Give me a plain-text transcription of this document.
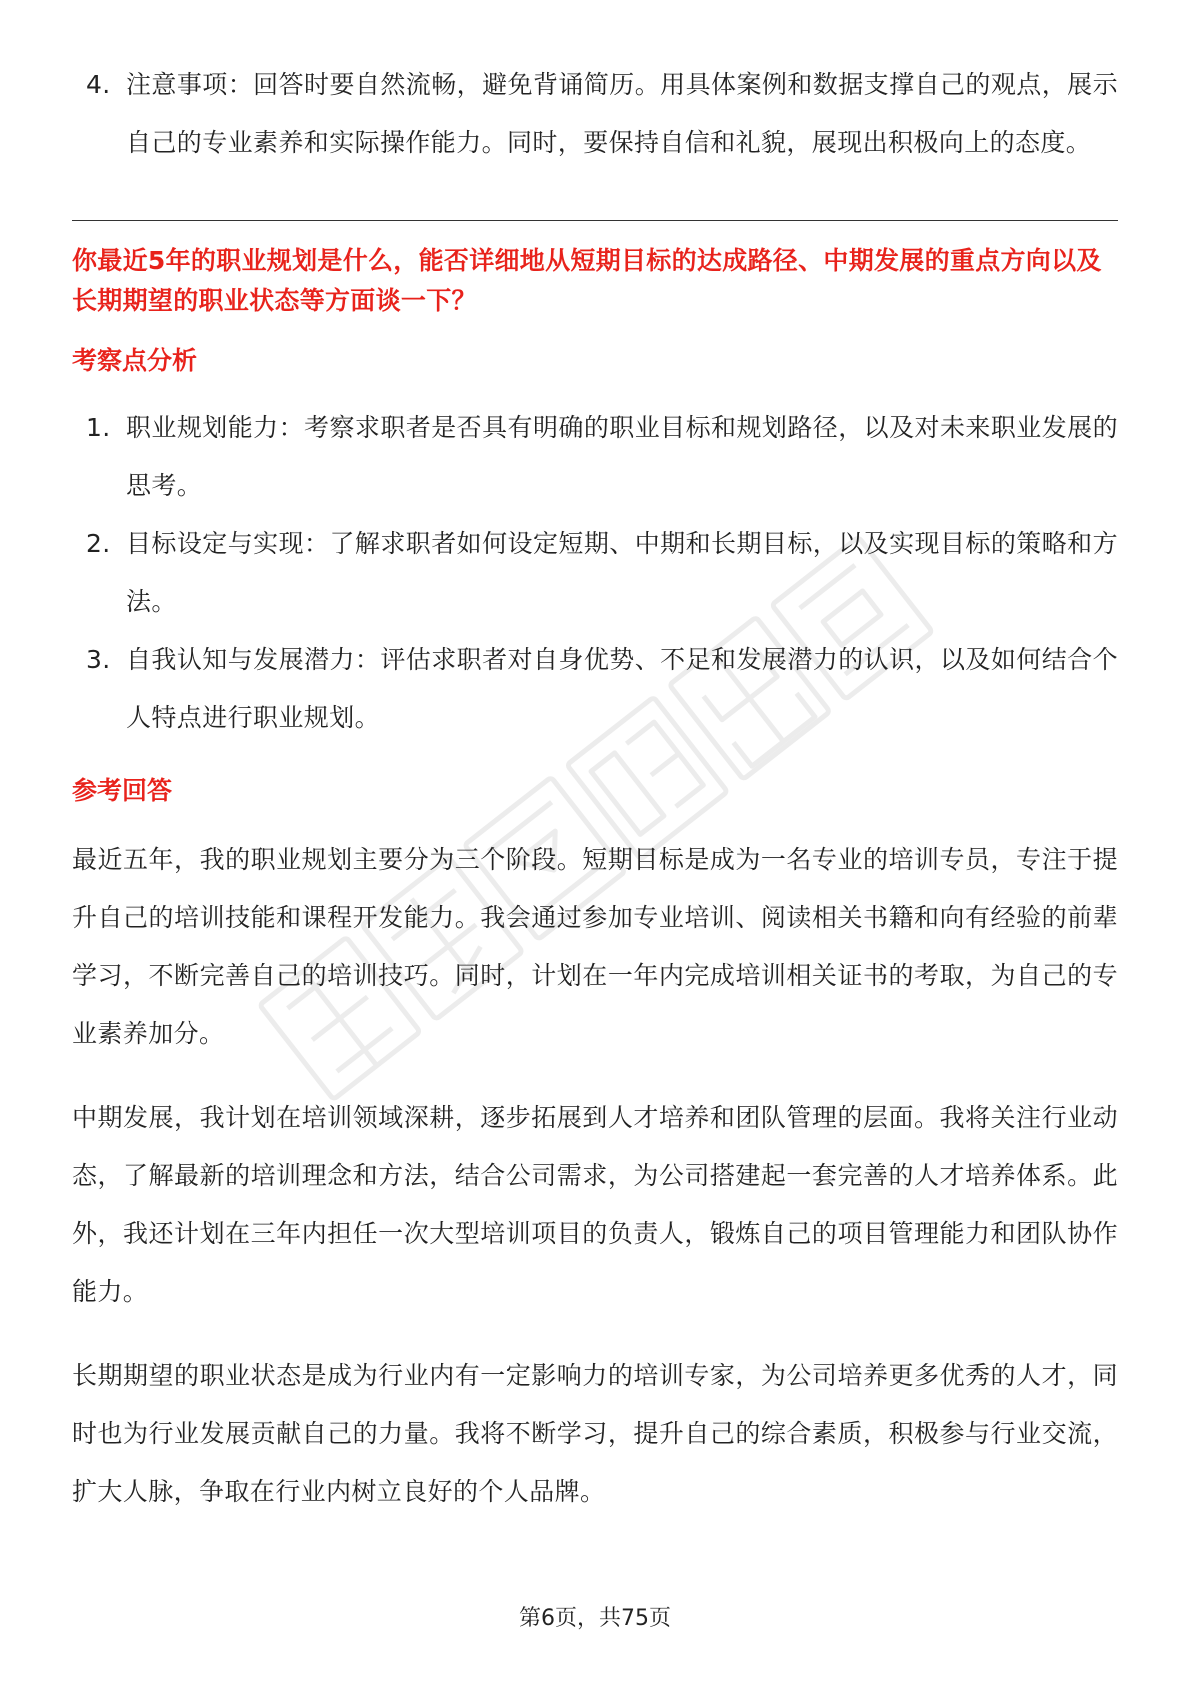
4. 注意事项：回答时要自然流畅，避免背诵简历。用具体案例和数据支撑自己的观点，展示自己的专业素养和实际操作能力。同时，要保持自信和礼貌，展现出积极向上的态度。

你最近5年的职业规划是什么，能否详细地从短期目标的达成路径、中期发展的重点方向以及长期期望的职业状态等方面谈一下？

考察点分析
1. 职业规划能力：考察求职者是否具有明确的职业目标和规划路径，以及对未来职业发展的思考。
2. 目标设定与实现：了解求职者如何设定短期、中期和长期目标，以及实现目标的策略和方法。
3. 自我认知与发展潜力：评估求职者对自身优势、不足和发展潜力的认识，以及如何结合个人特点进行职业规划。
参考回答

最近五年，我的职业规划主要分为三个阶段。短期目标是成为一名专业的培训专员，专注于提升自己的培训技能和课程开发能力。我会通过参加专业培训、阅读相关书籍和向有经验的前辈学习，不断完善自己的培训技巧。同时，计划在一年内完成培训相关证书的考取，为自己的专业素养加分。

中期发展，我计划在培训领域深耕，逐步拓展到人才培养和团队管理的层面。我将关注行业动态，了解最新的培训理念和方法，结合公司需求，为公司搭建起一套完善的人才培养体系。此外，我还计划在三年内担任一次大型培训项目的负责人，锻炼自己的项目管理能力和团队协作能力。

长期期望的职业状态是成为行业内有一定影响力的培训专家，为公司培养更多优秀的人才，同时也为行业发展贡献自己的力量。我将不断学习，提升自己的综合素质，积极参与行业交流，扩大人脉，争取在行业内树立良好的个人品牌。

第6页，共75页
